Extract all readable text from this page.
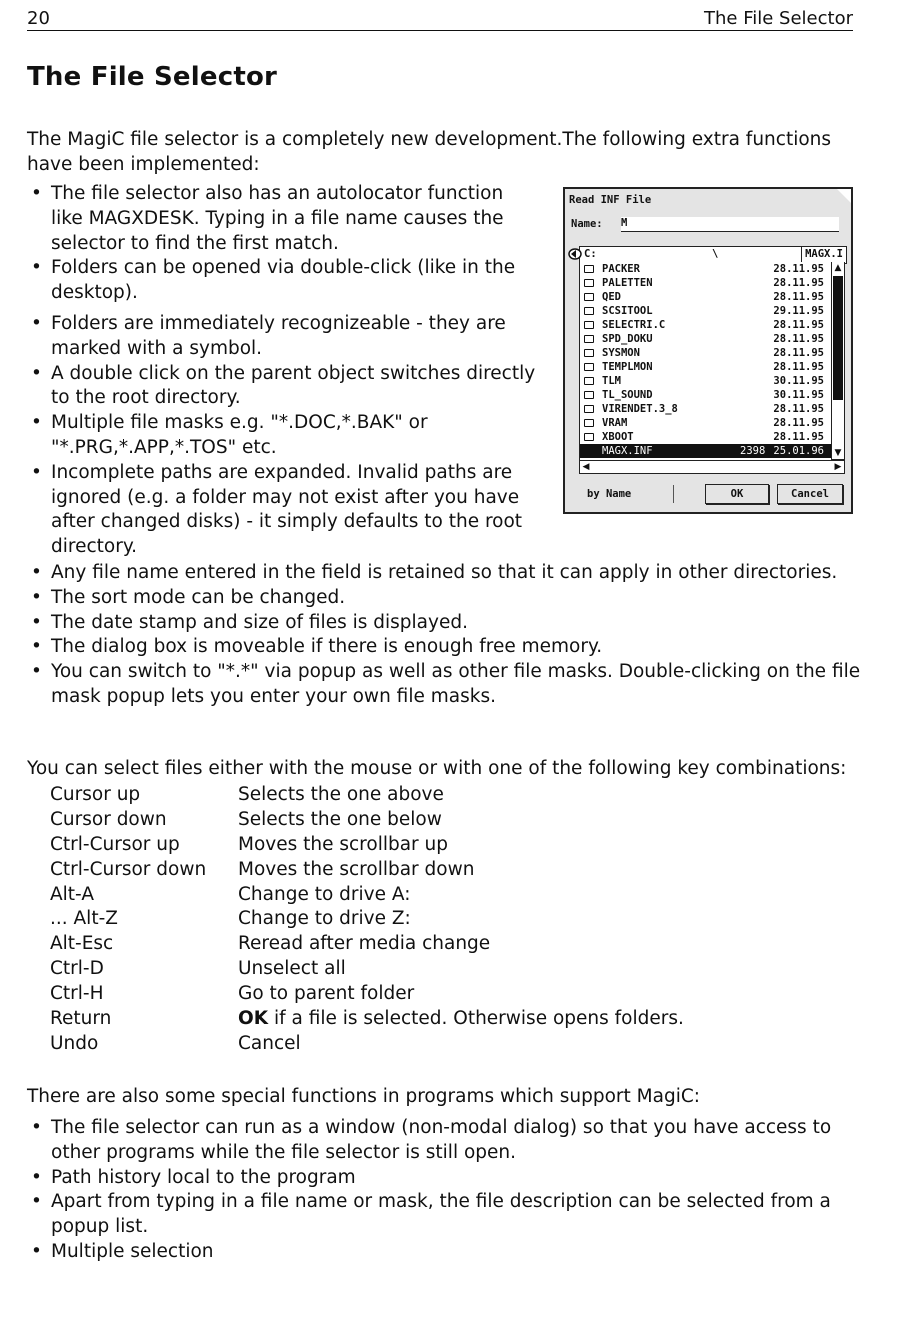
20	The File Selector
The File Selector

The MagiC file selector is a completely new development.The following extra functions have been implemented:

• The file selector also has an autolocator function like MAGXDESK. Typing in a file name causes the selector to find the first match.
• Folders can be opened via double-click (like in the desktop).
• Folders are immediately recognizeable - they are marked with a symbol.
• A double click on the parent object switches directly to the root directory.
• Multiple file masks e.g. "*.DOC,*.BAK" or "*.PRG,*.APP,*.TOS" etc.
• Incomplete paths are expanded. Invalid paths are ignored (e.g. a folder may not exist after you have after changed disks) - it simply defaults to the root directory.
• Any file name entered in the field is retained so that it can apply in other directories.
• The sort mode can be changed.
• The date stamp and size of files is displayed.
• The dialog box is moveable if there is enough free memory.
• You can switch to "*.*" via popup as well as other file masks. Double-clicking on the file mask popup lets you enter your own file masks.

You can select files either with the mouse or with one of the following key combinations:

Cursor up	Selects the one above
Cursor down	Selects the one below
Ctrl-Cursor up	Moves the scrollbar up
Ctrl-Cursor down	Moves the scrollbar down
Alt-A	Change to drive A:
... Alt-Z	Change to drive Z:
Alt-Esc	Reread after media change
Ctrl-D	Unselect all
Ctrl-H	Go to parent folder
Return	OK if a file is selected. Otherwise opens folders.
Undo	Cancel

There are also some special functions in programs which support MagiC:

• The file selector can run as a window (non-modal dialog) so that you have access to other programs while the file selector is still open.
• Path history local to the program
• Apart from typing in a file name or mask, the file description can be selected from a popup list.
• Multiple selection
Read INF File
Name: M
C:	\	MAGX.I
PACKER	28.11.95
PALETTEN	28.11.95
QED	28.11.95
SCSITOOL	29.11.95
SELECTRI.C	28.11.95
SPD_DOKU	28.11.95
SYSMON	28.11.95
TEMPLMON	28.11.95
TLM	30.11.95
TL_SOUND	30.11.95
VIRENDET.3_8	28.11.95
VRAM	28.11.95
XBOOT	28.11.95
MAGX.INF	2398 25.01.96
▲
▼
◀	▶
by Name	OK	Cancel
